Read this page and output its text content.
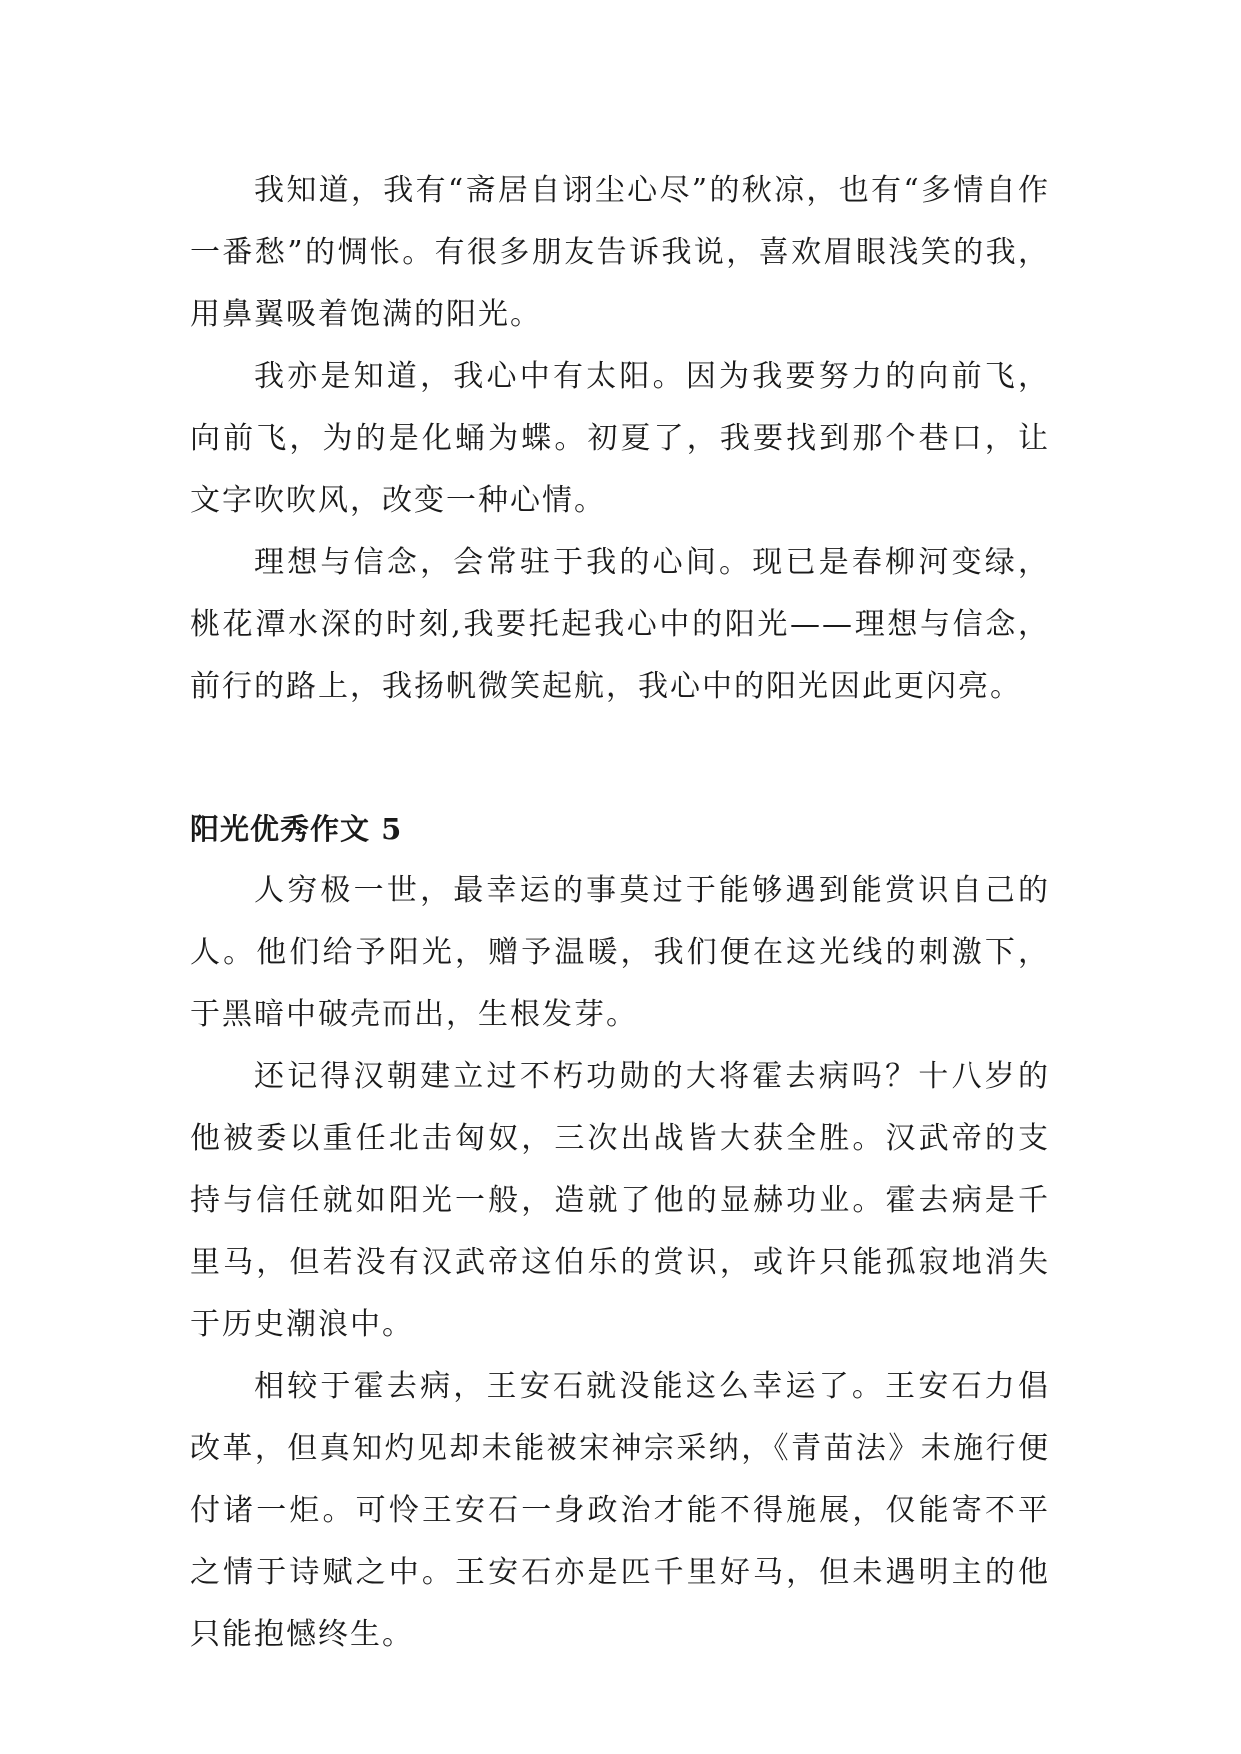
我知道，我有“斋居自诩尘心尽”的秋凉，也有“多情自作一番愁”的惆怅。有很多朋友告诉我说，喜欢眉眼浅笑的我，用鼻翼吸着饱满的阳光。

我亦是知道，我心中有太阳。因为我要努力的向前飞，向前飞，为的是化蛹为蝶。初夏了，我要找到那个巷口，让文字吹吹风，改变一种心情。

理想与信念，会常驻于我的心间。现已是春柳河变绿，桃花潭水深的时刻,我要托起我心中的阳光——理想与信念，前行的路上，我扬帆微笑起航，我心中的阳光因此更闪亮。

阳光优秀作文 5

人穷极一世，最幸运的事莫过于能够遇到能赏识自己的人。他们给予阳光，赠予温暖，我们便在这光线的刺激下，于黑暗中破壳而出，生根发芽。

还记得汉朝建立过不朽功勋的大将霍去病吗？十八岁的他被委以重任北击匈奴，三次出战皆大获全胜。汉武帝的支持与信任就如阳光一般，造就了他的显赫功业。霍去病是千里马，但若没有汉武帝这伯乐的赏识，或许只能孤寂地消失于历史潮浪中。

相较于霍去病，王安石就没能这么幸运了。王安石力倡改革，但真知灼见却未能被宋神宗采纳，《青苗法》未施行便付诸一炬。可怜王安石一身政治才能不得施展，仅能寄不平之情于诗赋之中。王安石亦是匹千里好马，但未遇明主的他只能抱憾终生。
